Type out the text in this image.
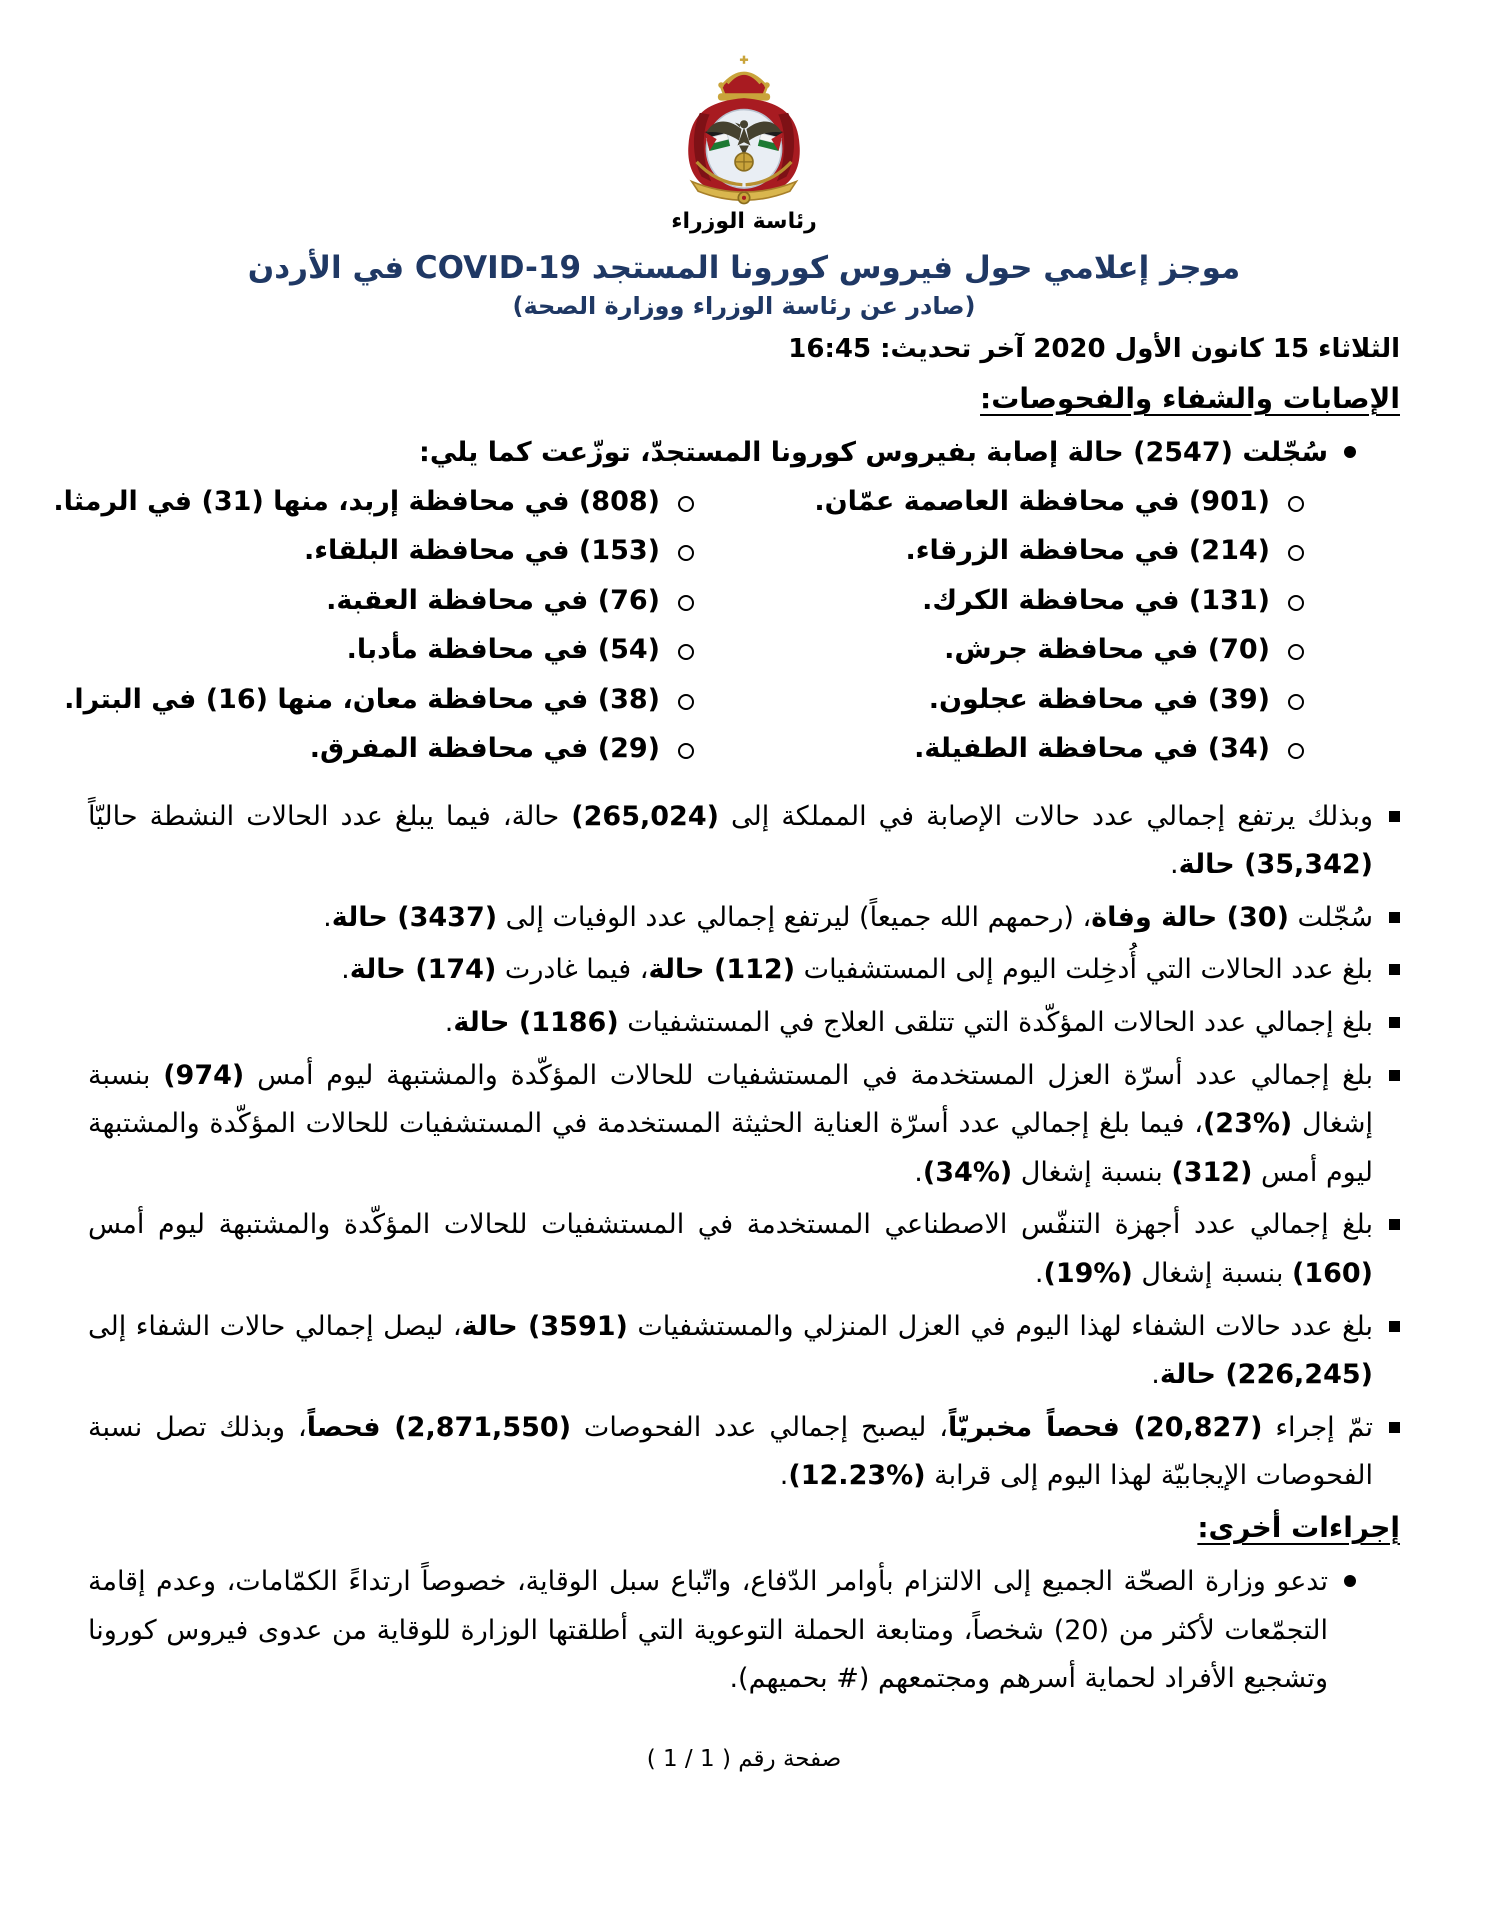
رئاسة الوزراء
موجز إعلامي حول فيروس كورونا المستجد COVID-19 في الأردن
(صادر عن رئاسة الوزراء ووزارة الصحة)
الثلاثاء 15 كانون الأول 2020 آخر تحديث: 16:45
الإصابات والشفاء والفحوصات:
سُجّلت (2547) حالة إصابة بفيروس كورونا المستجدّ، توزّعت كما يلي:
(901) في محافظة العاصمة عمّان.
(808) في محافظة إربد، منها (31) في الرمثا.
(214) في محافظة الزرقاء.
(153) في محافظة البلقاء.
(131) في محافظة الكرك.
(76) في محافظة العقبة.
(70) في محافظة جرش.
(54) في محافظة مأدبا.
(39) في محافظة عجلون.
(38) في محافظة معان، منها (16) في البترا.
(34) في محافظة الطفيلة.
(29) في محافظة المفرق.
وبذلك يرتفع إجمالي عدد حالات الإصابة في المملكة إلى (265,024) حالة، فيما يبلغ عدد الحالات النشطة حاليّاً (35,342) حالة.
سُجّلت (30) حالة وفاة، (رحمهم الله جميعاً) ليرتفع إجمالي عدد الوفيات إلى (3437) حالة.
بلغ عدد الحالات التي أُدخِلت اليوم إلى المستشفيات (112) حالة، فيما غادرت (174) حالة.
بلغ إجمالي عدد الحالات المؤكّدة التي تتلقى العلاج في المستشفيات (1186) حالة.
بلغ إجمالي عدد أسرّة العزل المستخدمة في المستشفيات للحالات المؤكّدة والمشتبهة ليوم أمس (974) بنسبة إشغال (%23)، فيما بلغ إجمالي عدد أسرّة العناية الحثيثة المستخدمة في المستشفيات للحالات المؤكّدة والمشتبهة ليوم أمس (312) بنسبة إشغال (%34).
بلغ إجمالي عدد أجهزة التنفّس الاصطناعي المستخدمة في المستشفيات للحالات المؤكّدة والمشتبهة ليوم أمس (160) بنسبة إشغال (%19).
بلغ عدد حالات الشفاء لهذا اليوم في العزل المنزلي والمستشفيات (3591) حالة، ليصل إجمالي حالات الشفاء إلى (226,245) حالة.
تمّ إجراء (20,827) فحصاً مخبريّاً، ليصبح إجمالي عدد الفحوصات (2,871,550) فحصاً، وبذلك تصل نسبة الفحوصات الإيجابيّة لهذا اليوم إلى قرابة (%12.23).
إجراءات أخرى:
تدعو وزارة الصحّة الجميع إلى الالتزام بأوامر الدّفاع، واتّباع سبل الوقاية، خصوصاً ارتداءً الكمّامات، وعدم إقامة التجمّعات لأكثر من (20) شخصاً، ومتابعة الحملة التوعوية التي أطلقتها الوزارة للوقاية من عدوى فيروس كورونا وتشجيع الأفراد لحماية أسرهم ومجتمعهم (# بحميهم).
صفحة رقم ( 1 / 1 )
